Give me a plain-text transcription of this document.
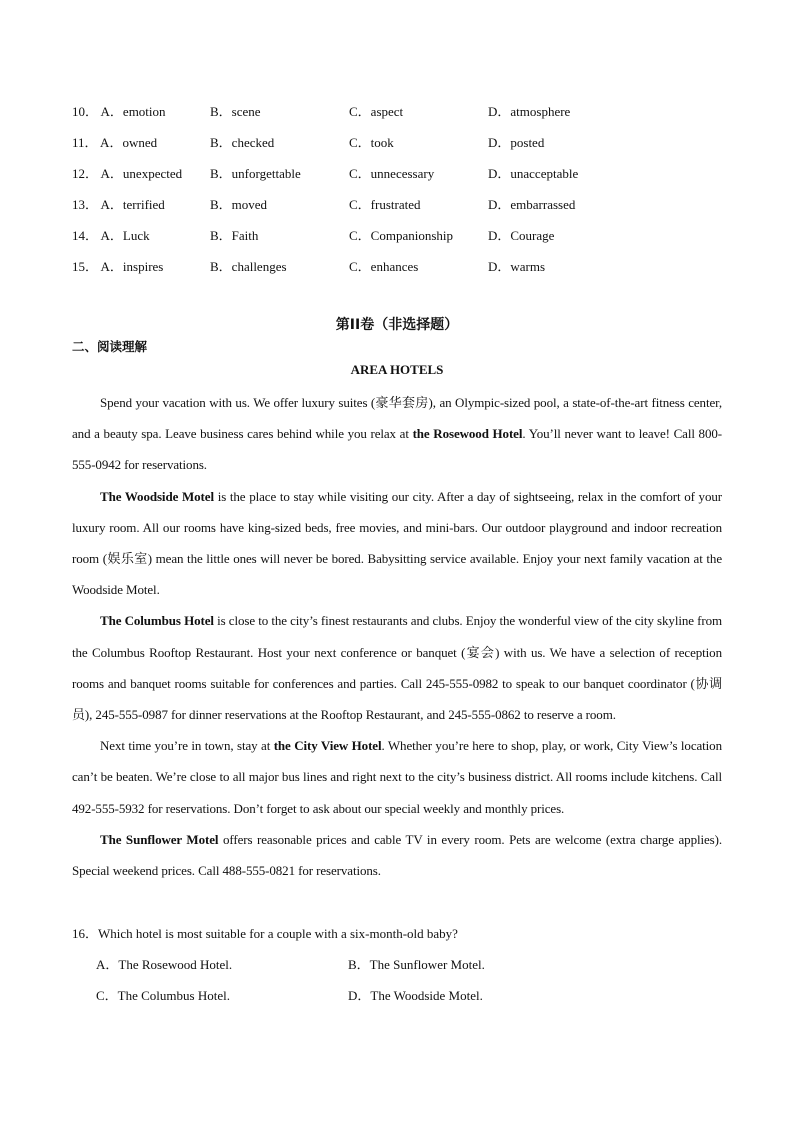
10． A．emotion	B．scene	C．aspect	D．atmosphere
11． A．owned	B．checked	C．took	D．posted
12． A．unexpected B．unforgettable	C．unnecessary	D．unacceptable
13． A．terrified	B．moved	C．frustrated	D．embarrassed
14． A．Luck	B．Faith	C．Companionship	D．Courage
15． A．inspires	B．challenges	C．enhances	D．warms
第II卷（非选择题）
二、阅读理解
AREA HOTELS

Spend your vacation with us. We offer luxury suites (豪华套房), an Olympic-sized pool, a state-of-the-art fitness center, and a beauty spa. Leave business cares behind while you relax at the Rosewood Hotel. You’ll never want to leave! Call 800-555-0942 for reservations.

The Woodside Motel is the place to stay while visiting our city. After a day of sightseeing, relax in the comfort of your luxury room. All our rooms have king-sized beds, free movies, and mini-bars. Our outdoor playground and indoor recreation room (娱乐室) mean the little ones will never be bored. Babysitting service available. Enjoy your next family vacation at the Woodside Motel.

The Columbus Hotel is close to the city’s finest restaurants and clubs. Enjoy the wonderful view of the city skyline from the Columbus Rooftop Restaurant. Host your next conference or banquet (宴会) with us. We have a selection of reception rooms and banquet rooms suitable for conferences and parties. Call 245-555-0982 to speak to our banquet coordinator (协调员), 245-555-0987 for dinner reservations at the Rooftop Restaurant, and 245-555-0862 to reserve a room.

Next time you’re in town, stay at the City View Hotel. Whether you’re here to shop, play, or work, City View’s location can’t be beaten. We’re close to all major bus lines and right next to the city’s business district. All rooms include kitchens. Call 492-555-5932 for reservations. Don’t forget to ask about our special weekly and monthly prices.

The Sunflower Motel offers reasonable prices and cable TV in every room. Pets are welcome (extra charge applies). Special weekend prices. Call 488-555-0821 for reservations.

16．Which hotel is most suitable for a couple with a six-month-old baby?
A．The Rosewood Hotel.	B．The Sunflower Motel.
C．The Columbus Hotel.	D．The Woodside Motel.
